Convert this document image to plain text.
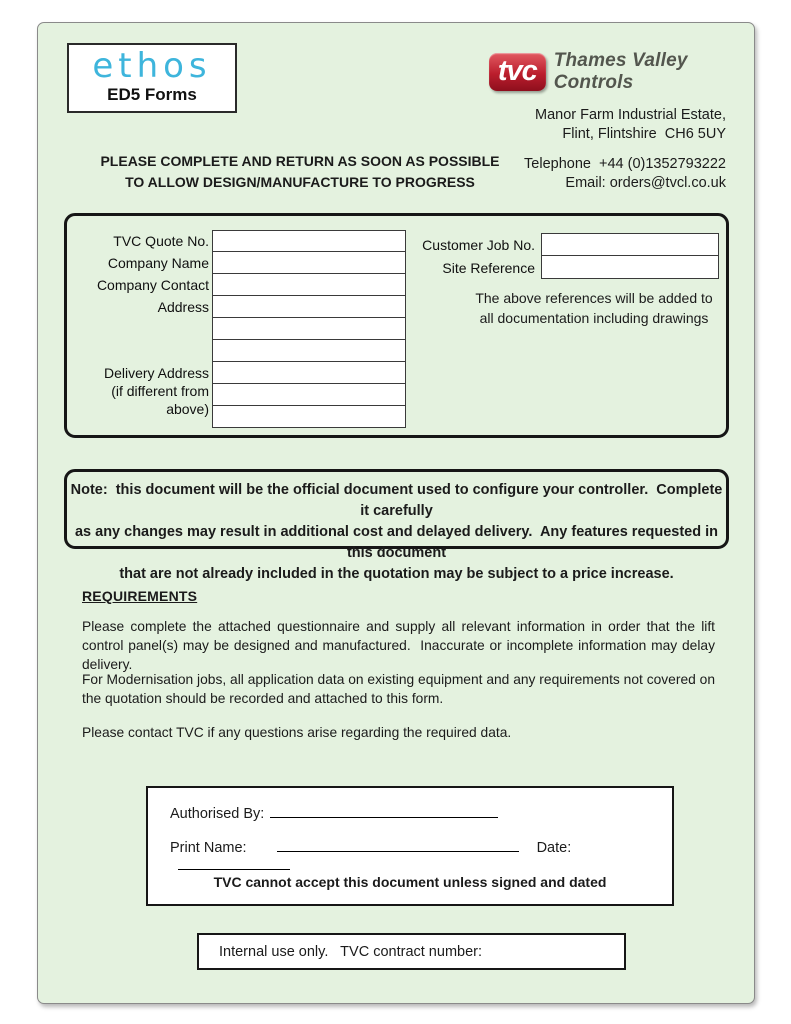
ethos
ED5 Forms
tvc Thames Valley Controls
Manor Farm Industrial Estate,
Flint, Flintshire  CH6 5UY
PLEASE COMPLETE AND RETURN AS SOON AS POSSIBLE
TO ALLOW DESIGN/MANUFACTURE TO PROGRESS
Telephone  +44 (0)1352793222
Email: orders@tvcl.co.uk
TVC Quote No.
Company Name
Company Contact
Address
Delivery Address
(if different from
above)
Customer Job No.
Site Reference
The above references will be added to
all documentation including drawings
Note:  this document will be the official document used to configure your controller.  Complete it carefully
as any changes may result in additional cost and delayed delivery.  Any features requested in this document
that are not already included in the quotation may be subject to a price increase.
REQUIREMENTS
Please complete the attached questionnaire and supply all relevant information in order that the lift control panel(s) may be designed and manufactured.  Inaccurate or incomplete information may delay delivery.
For Modernisation jobs, all application data on existing equipment and any requirements not covered on the quotation should be recorded and attached to this form.
Please contact TVC if any questions arise regarding the required data.
Authorised By:
Print Name:	Date:
TVC cannot accept this document unless signed and dated
Internal use only.   TVC contract number:
